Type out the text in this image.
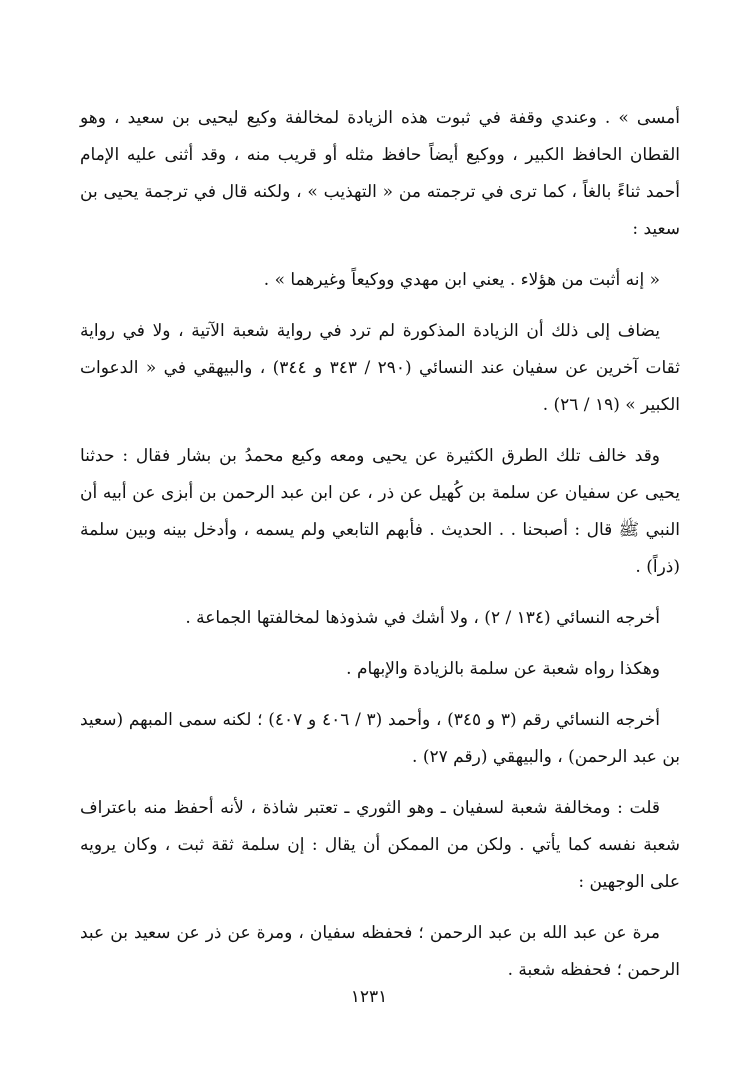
أمسى » . وعندي وقفة في ثبوت هذه الزيادة لمخالفة وكيع ليحيى بن سعيد ، وهو القطان الحافظ الكبير ، ووكيع أيضاً حافظ مثله أو قريب منه ، وقد أثنى عليه الإمام أحمد ثناءً بالغاً ، كما ترى في ترجمته من « التهذيب » ، ولكنه قال في ترجمة يحيى بن سعيد :

« إنه أثبت من هؤلاء . يعني ابن مهدي ووكيعاً وغيرهما » .

يضاف إلى ذلك أن الزيادة المذكورة لم ترد في رواية شعبة الآتية ، ولا في رواية ثقات آخرين عن سفيان عند النسائي (٢٩٠ / ٣٤٣ و ٣٤٤) ، والبيهقي في « الدعوات الكبير » (١٩ / ٢٦) .

وقد خالف تلك الطرق الكثيرة عن يحيى ومعه وكيع محمدُ بن بشار فقال : حدثنا يحيى عن سفيان عن سلمة بن كُهيل عن ذر ، عن ابن عبد الرحمن بن أبزى عن أبيه أن النبي ﷺ قال : أصبحنا . . الحديث . فأبهم التابعي ولم يسمه ، وأدخل بينه وبين سلمة (ذراً) .

أخرجه النسائي (١٣٤ / ٢) ، ولا أشك في شذوذها لمخالفتها الجماعة .

وهكذا رواه شعبة عن سلمة بالزيادة والإبهام .

أخرجه النسائي رقم (٣ و ٣٤٥) ، وأحمد (٣ / ٤٠٦ و ٤٠٧) ؛ لكنه سمى المبهم (سعيد بن عبد الرحمن) ، والبيهقي (رقم ٢٧) .

قلت : ومخالفة شعبة لسفيان ـ وهو الثوري ـ تعتبر شاذة ، لأنه أحفظ منه باعتراف شعبة نفسه كما يأتي . ولكن من الممكن أن يقال : إن سلمة ثقة ثبت ، وكان يرويه على الوجهين :

مرة عن عبد الله بن عبد الرحمن ؛ فحفظه سفيان ، ومرة عن ذر عن سعيد بن عبد الرحمن ؛ فحفظه شعبة .

١٢٣١
